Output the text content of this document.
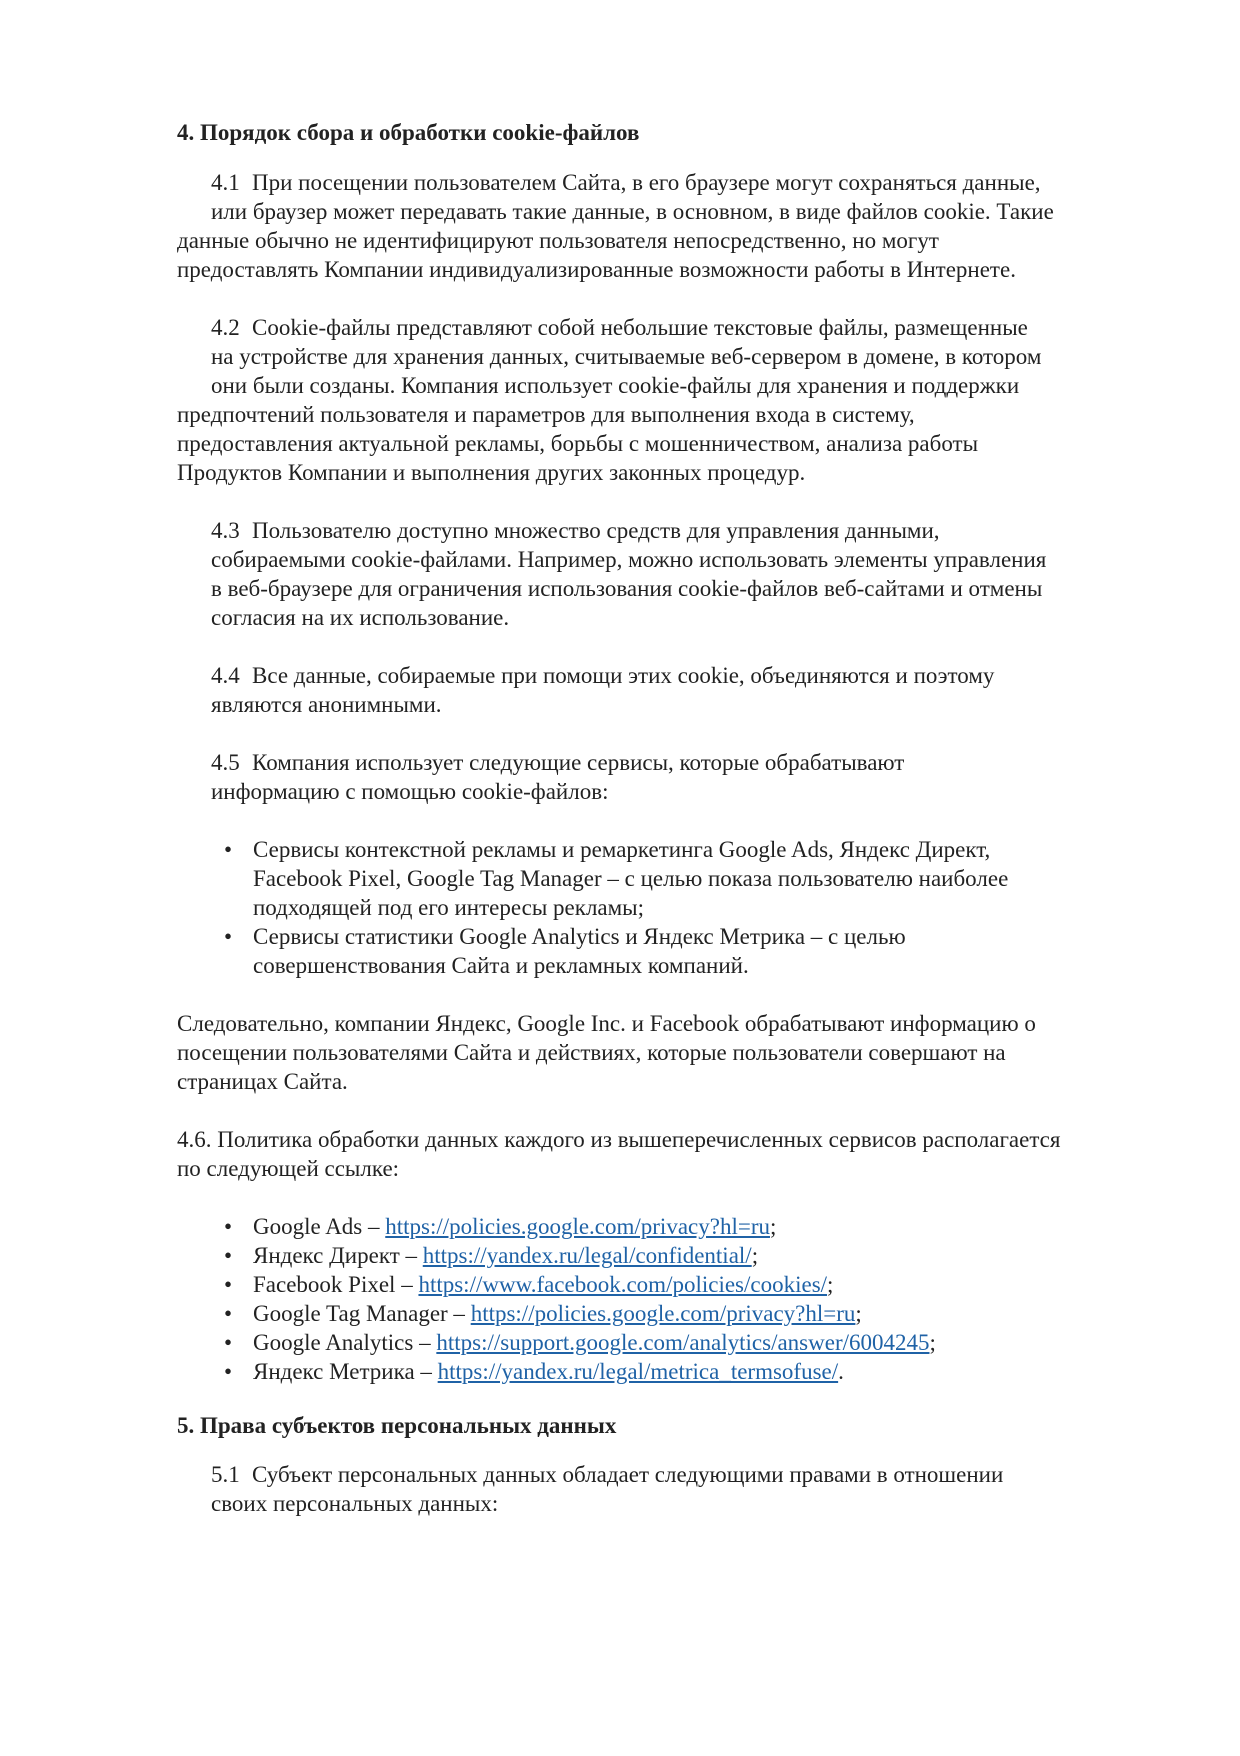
4. Порядок сбора и обработки cookie-файлов

4.1 При посещении пользователем Сайта, в его браузере могут сохраняться данные,
или браузер может передавать такие данные, в основном, в виде файлов cookie. Такие
данные обычно не идентифицируют пользователя непосредственно, но могут
предоставлять Компании индивидуализированные возможности работы в Интернете.
4.2 Cookie-файлы представляют собой небольшие текстовые файлы, размещенные
на устройстве для хранения данных, считываемые веб-сервером в домене, в котором
они были созданы. Компания использует cookie-файлы для хранения и поддержки
предпочтений пользователя и параметров для выполнения входа в систему,
предоставления актуальной рекламы, борьбы с мошенничеством, анализа работы
Продуктов Компании и выполнения других законных процедур.
4.3 Пользователю доступно множество средств для управления данными,
собираемыми cookie-файлами. Например, можно использовать элементы управления
в веб-браузере для ограничения использования cookie-файлов веб-сайтами и отмены
согласия на их использование.
4.4 Все данные, собираемые при помощи этих cookie, объединяются и поэтому
являются анонимными.
4.5 Компания использует следующие сервисы, которые обрабатывают
информацию с помощью cookie-файлов:
• Сервисы контекстной рекламы и ремаркетинга Google Ads, Яндекс Директ,
Facebook Pixel, Google Tag Manager – с целью показа пользователю наиболее
подходящей под его интересы рекламы;
• Сервисы статистики Google Analytics и Яндекс Метрика – с целью
совершенствования Сайта и рекламных компаний.
Следовательно, компании Яндекс, Google Inc. и Facebook обрабатывают информацию о
посещении пользователями Сайта и действиях, которые пользователи совершают на
страницах Сайта.
4.6. Политика обработки данных каждого из вышеперечисленных сервисов располагается
по следующей ссылке:
• Google Ads – https://policies.google.com/privacy?hl=ru;
• Яндекс Директ – https://yandex.ru/legal/confidential/;
• Facebook Pixel – https://www.facebook.com/policies/cookies/;
• Google Tag Manager – https://policies.google.com/privacy?hl=ru;
• Google Analytics – https://support.google.com/analytics/answer/6004245;
• Яндекс Метрика – https://yandex.ru/legal/metrica_termsofuse/.

5. Права субъектов персональных данных

5.1 Субъект персональных данных обладает следующими правами в отношении
своих персональных данных:
